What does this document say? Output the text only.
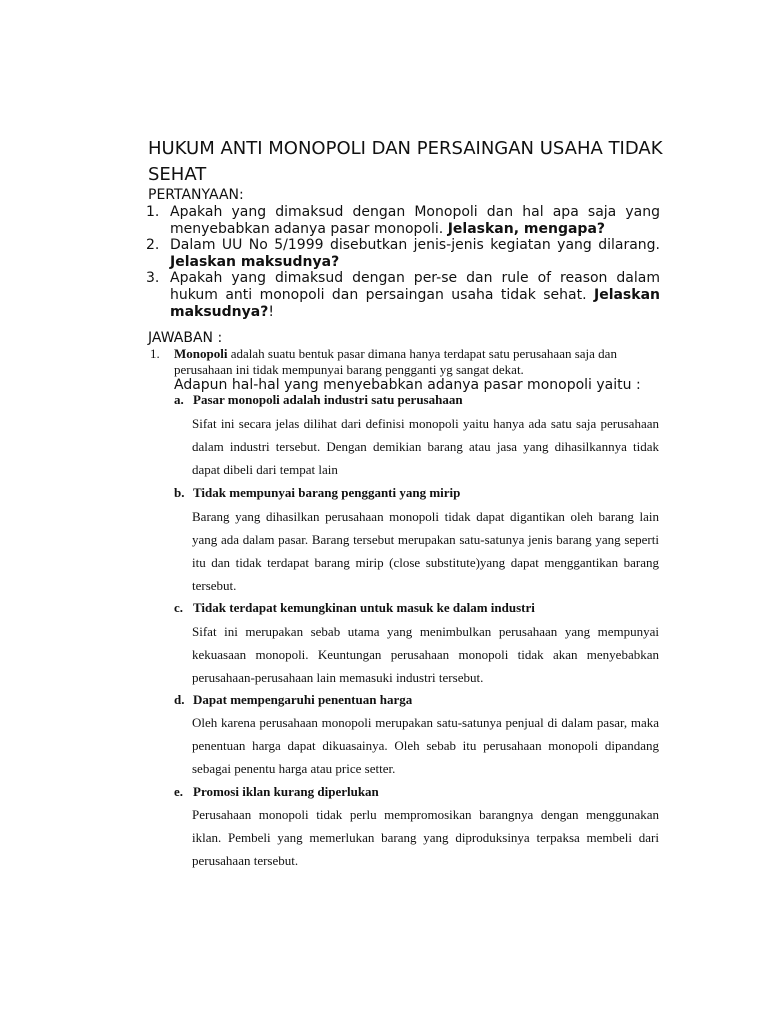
HUKUM ANTI MONOPOLI DAN PERSAINGAN USAHA TIDAK SEHAT
PERTANYAAN:
1. Apakah yang dimaksud dengan Monopoli dan hal apa saja yang menyebabkan adanya pasar monopoli. Jelaskan, mengapa?
2. Dalam UU No 5/1999 disebutkan jenis-jenis kegiatan yang dilarang. Jelaskan maksudnya?
3. Apakah yang dimaksud dengan per-se dan rule of reason dalam hukum anti monopoli dan persaingan usaha tidak sehat. Jelaskan maksudnya?!
JAWABAN :
1. Monopoli adalah suatu bentuk pasar dimana hanya terdapat satu perusahaan saja dan perusahaan ini tidak mempunyai barang pengganti yg sangat dekat.
Adapun hal-hal yang menyebabkan adanya pasar monopoli yaitu :
a. Pasar monopoli adalah industri satu perusahaan
Sifat ini secara jelas dilihat dari definisi monopoli yaitu hanya ada satu saja perusahaan dalam industri tersebut. Dengan demikian barang atau jasa yang dihasilkannya tidak dapat dibeli dari tempat lain
b. Tidak mempunyai barang pengganti yang mirip
Barang yang dihasilkan perusahaan monopoli tidak dapat digantikan oleh barang lain yang ada dalam pasar. Barang tersebut merupakan satu-satunya jenis barang yang seperti itu dan tidak terdapat barang mirip (close substitute)yang dapat menggantikan barang tersebut.
c. Tidak terdapat kemungkinan untuk masuk ke dalam industri
Sifat ini merupakan sebab utama yang menimbulkan perusahaan yang mempunyai kekuasaan monopoli. Keuntungan perusahaan monopoli tidak akan menyebabkan perusahaan-perusahaan lain memasuki industri tersebut.
d. Dapat mempengaruhi penentuan harga
Oleh karena perusahaan monopoli merupakan satu-satunya penjual di dalam pasar, maka penentuan harga dapat dikuasainya. Oleh sebab itu perusahaan monopoli dipandang sebagai penentu harga atau price setter.
e. Promosi iklan kurang diperlukan
Perusahaan monopoli tidak perlu mempromosikan barangnya dengan menggunakan iklan. Pembeli yang memerlukan barang yang diproduksinya terpaksa membeli dari perusahaan tersebut.
